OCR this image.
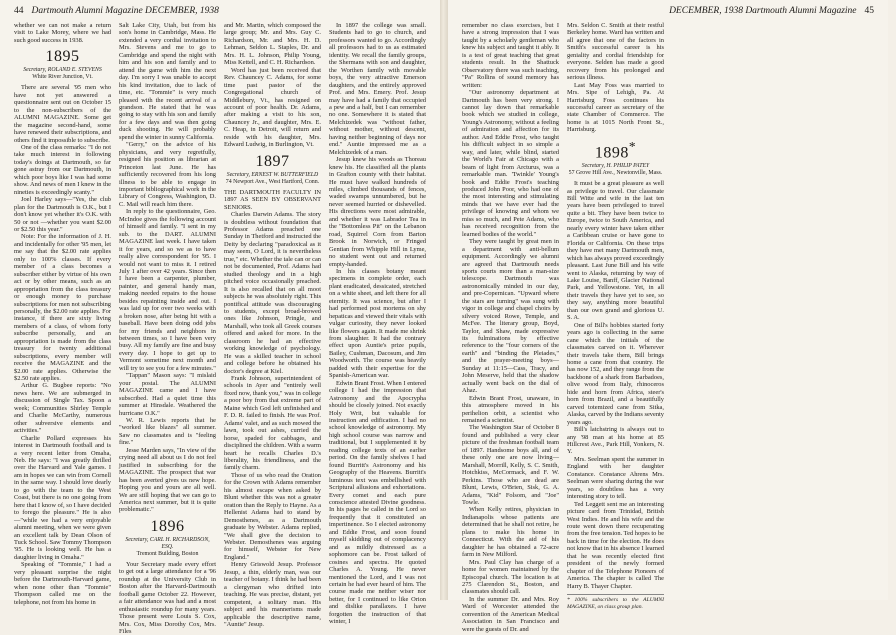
44 Dartmouth Alumni Magazine DECEMBER, 1938

whether we can not make a return visit to Lake Morey, where we had such good success in 1938.

1895
Secretary, ROLAND E. STEVENS
White River Junction, Vt.

There are several '95 men who have not yet answered a questionnaire sent out on October 15 to the non-subscribers of the ALUMNI MAGAZINE. Some get the magazine second-hand, some have renewed their subscriptions, and others find it impossible to subscribe.

One of the class remarks: "I do not take much interest in following today's doings at Dartmouth, so far gone astray from our Dartmouth, in which poor boys like I was had some show. And news of men I knew in the nineties is exceedingly scanty."

Joel Harley says—"Yes, the club plan for the Dartmouth is O.K., but I don't know yet whether it's O.K. with 50 or not —whether you want $2.00 or $2.50 this year."

Note: For the information of J. H. and incidentally for other '95 men, let me say that the $2.00 rate applies only to 100% classes. If every member of a class becomes a subscriber either by virtue of his own act or by other means, such as an appropriation from the class treasury or enough money to purchase subscriptions for men not subscribing personally, the $2.00 rate applies. For instance, if there are sixty living members of a class, of whom forty subscribe personally, and an appropriation is made from the class treasury for twenty additional subscriptions, every member will receive the MAGAZINE and the $2.00 rate applies. Otherwise the $2.50 rate applies.

Arthur G. Bugbee reports: "No news here. We are submerged in discussion of Single Tax. Spoon a week; Communities Shirley Temple and Charlie McCarthy, numerous other subversive elements and activities."

Charlie Pollard expresses his interest in Dartmouth football and is a very recent letter from Omaha, Neb. He says: "I was greatly thrilled over the Harvard and Yale games. I am in hopes we can win from Cornell in the same way. I should love dearly to go with the team to the West Coast, but there is no one going from here that I know of, so I have decided to forego the pleasure." He is also—"while we had a very enjoyable alumni meeting, when we were given an excellent talk by Dean Olson of Tuck School. Saw Tommy Thompson '95. He is looking well. He has a daughter living in Omaha."

Speaking of "Tommie," I had a very pleasant surprise the night before the Dartmouth-Harvard game, when none other than "Tommie" Thompson called me on the telephone, not from his home in

Salt Lake City, Utah, but from his son's home in Cambridge, Mass. He extended a very cordial invitation to Mrs. Stevens and me to go to Cambridge and spend the night with him and his son and family and to attend the game with him the next day. I'm sorry I was unable to accept his kind invitation, due to lack of time, etc. "Tommie" is very much pleased with the recent arrival of a grandson. He stated that he was going to stay with his son and family for a few days and was then going duck shooting. He will probably spend the winter in sunny California.

"Gerry," on the advice of his physicians, and very regretfully, resigned his position as librarian at Princeton last June. He has sufficiently recovered from his long illness to be able to engage in important bibliographical work in the Library of Congress, Washington, D. C. Mail will reach him there.

In reply to the questionnaire, Geo. McIndoe gives the following account of himself and family. "I sent in my sub. to the DART. ALUMNI MAGAZINE last week. I have taken it for years, and so we as to have really alive correspondent for '95. I would not want to miss it. I retired July 1 after over 42 years. Since then I have been a carpenter, plumber, painter, and general handy man, making needed repairs to the house besides repainting inside and out. I was laid up for over two weeks with a broken nose, after being hit with a baseball. Have been doing odd jobs for my friends and neighbors in between times, so I have been very busy. All my family are fine and busy every day. I hope to get up to Vermont sometime next month and will try to see you for a few minutes."

"Tappan" Mason says: "I mislaid your postal. The ALUMNI MAGAZINE came and I have subscribed. Had a quiet time this summer at Hinsdale. Weathered the hurricane O.K."

W. R. Lewis reports that he "worked like blazes" all summer. Saw no classmates and is "feeling fine."

Jesse Marden says, "In view of the crying need all about us I do not feel justified in subscribing for the MAGAZINE. The prospect that war has been averted gives us new hope. Hoping you and yours are all well. We are still hoping that we can go to America next summer, but it is quite problematic."

1896
Secretary, CARL H. RICHARDSON, ESQ.
Tremont Building, Boston

Your Secretary made every effort to get out a large attendance for a '96 roundup at the University Club in Boston after the Harvard-Dartmouth football game October 22. However, a fair attendance was had and a most enthusiastic roundup for many years. Those present were Louis S. Cox, Mrs. Cox, Miss Dorothy Cox, Mrs. Files

and Mr. Martin, which composed the large group; Mr. and Mrs. Guy C. Richardson, Mr. and Mrs. H. D. Lehman, Seldon L. Staples, Dr. and Mrs. H. L. Johnson, Philip Young, Miss Kettell, and C. H. Richardson.

Word has just been received that Rev. Chauncey C. Adams, for some time past pastor of the Congregational church of Middlebury, Vt., has resigned on account of poor health. Dr. Adams, after making a visit to his son, Chauncey Jr., and daughter, Mrs. E. C. Heap, in Detroit, will return and reside with his daughter, Mrs. Edward Ludwig, in Burlington, Vt.

1897
Secretary, ERNEST W. BUTTERFIELD
74 Newport Ave., West Hartford, Conn.

THE DARTMOUTH FACULTY IN 1897 AS SEEN BY OBSERVANT SENIORS.

Charles Darwin Adams. The story is doubtless without foundation that Professor Adams preached one Sunday in Thetford and instructed the Deity by declaring "paradoxical as it may seem, O Lord, it is nevertheless true," etc. Whether the tale can or can not be documented, Prof. Adams had studied theology and in a high pitched voice occasionally preached. It is also recalled that on all moot subjects he was absolutely right. This pontifical attitude was discouraging to students, except broad-browed ones like Johnson, Pringle, and Marshall, who took all Greek courses offered and asked for more. In the classroom he had an effective working knowledge of psychology. He was a skilled teacher in school and college before he obtained his doctor's degree at Kiel.

Frank Johnson, superintendent of schools in Ayer and "entirely well fixed now, thank you," was in college a poor boy from that extreme part of Maine which God left unfinished and F. D. R. failed to finish. He was Prof. Adams' valet, and as such mowed the lawn, took out ashes, curried the horse, spaded for cabbages, and disciplined the children. With a warm heart he recalls Charles D.'s liberality, his friendliness, and the family charm.

Those of us who read the Oration for the Crown with Adams remember his almost escape when asked by Blunt whether this was not a greater oration than the Reply to Hayne. As a Hellenist Adams had to stand by Demosthenes, as a Dartmouth graduate by Webster. Adams replied, "We shall give the decision to Webster. Demosthenes was arguing for himself, Webster for New England."

Henry Griswold Jesup. Professor Jesup, a thin, elderly man, was our teacher of botany. I think he had been a clergyman who drifted into teaching. He was precise, distant, yet competent, a solitary man. His subject and his mannerisms made applicable the descriptive name, "Auntie" Jesup.

In 1897 the college was small. Students had to go to church, and professors wanted to go. Accordingly all professors had to us as estimated identity. We recall the family groups, the Shermans with son and daughter, the Worthen family with movable boys, the very attractive Emerson daughters, and the entirely approved Prof. and Mrs. Emery. Prof. Jesup may have had a family that occupied a pew and a half, but I can remember no one. Somewhere it is stated that Melchizedek was "without father, without mother, without descent, having neither beginning of days nor end." Auntie impressed me as a Melchizedek of a man.

Jesup knew his woods as Thoreau knew his. He classified all the plants in Grafton county with their habitat. He must have walked hundreds of miles, climbed thousands of fences, waded swamps unnumbered, but he never seemed hurried or dishevelled. His directions were most admirable, and whether it was Labrador Tea in the "Bottomless Pit" on the Lebanon road, Squirrel Corn from Barton Brook in Norwich, or Fringed Gentian from Whipple Hill in Lyme, no student went out and returned empty-handed.

In his classes botany meant specimens in complete order, each plant eradicated, dessicated, stretched on a white sheet, and left there for all eternity. It was science, but after I had performed post mortems on shy hepaticas and viewed their vitals with vulgar curiosity, they never looked like flowers again. It made me shrink from slaughter. It had the contrary effect upon Auntie's prize pupils, Bailey, Cushman, Dacosum, and Jim Woodworth. The course was heavily padded with their expertise for the Spanish-American war.

Edwin Brant Frost. When I entered college I had the impression that Astronomy and the Apocrypha should be closely joined. Not exactly Holy Writ, but valuable for instruction and edification. I had no school knowledge of astronomy. My high school course was narrow and traditional, but I supplemented it by reading college texts of an earlier period. On the family shelves I had found Burritt's Astronomy and his Geography of the Heavens. Burritt's luminous text was embellished with Scriptural allusions and exhortations. Every comet and each pure conscience attested Divine goodness. In his pages he called in the Lord so frequently that it constituted an impertinence. So I elected astronomy and Eddie Frost, and soon found myself skidding out of complacency and as mildly distressed as a sophomore can be. Frost talked of cosines and spectra. He quoted Charles A. Young. He never mentioned the Lord, and I was not certain he had ever heard of him. The course made me neither wiser nor better, for I continued to like Orion and dislike parallaxes. I have forgotten the instruction of that winter, I

45
DECEMBER, 1938 Dartmouth Alumni Magazine

remember no class exercises, but I have a strong impression that I was taught by a scholarly gentleman who knew his subject and taught it ably. It is a test of great teaching that great students result. In the Shattuck Observatory there was such teaching, "Pa" Rollins of sound memory has written:

"Our astronomy department at Dartmouth has been very strong. I cannot lay down that remarkable book which we studied in college, Young's Astronomy, without a feeling of admiration and affection for its author. And Eddie Frost, who taught his difficult subject in so simple a way, and later, while blind, started the World's Fair at Chicago with a beam of light from Arcturus, was a remarkable man. 'Twinkle' Young's book and Eddie Frost's teaching produced John Poor, who had one of the most interesting and stimulating minds that we have ever had the privilege of knowing and whom we miss so much, and Pete Adams, who has received recognition from the learned bodies of the world."

They were taught by great men in a department with anti-bellum equipment. Accordingly we alumni are agreed that Dartmouth needs sports courts more than a man-size telescope. Dartmouth was astronomically minded in our day, and pre-Copernican. "Upward where the stars are turning" was sung with vigor in college and chapel choirs by silvery voiced Rowe, Temple, and McFee. The literary group, Boyd, Taylor, and Shaw, made expressive its fulminations by effective reference to the "four corners of the earth" and "binding the Pleiades," and the prayer-meeting boys—Sunday at 11:15—Cass, Tracy, and John Meserve, held that the shadow actually went back on the dial of Ahaz.

Edwin Brant Frost, unaware, in this atmosphere moved in his perihelion orbit, a scientist who remained a scientist.

The Washington Star of October 8 found and published a very clear picture of the freshman football team of 1897. Handsome boys all, and of these only one are now living—Marshall, Morrill, Kelly, S. C. Smith, Hotchkiss, McCormack, and F. W. Perkins. Those who are dead are Blunt, Lewis, O'Brien, Sisk, G. A. Adams, "Kid" Folsom, and "Joe" Towle.

When Kelly retires, physician in Indianapolis whose patients are determined that he shall not retire, he plans to make his home in Connecticut. With the aid of his daughter he has obtained a 72-acre farm in New Milford.

Mrs. Paul Clay has charge of a home for women maintained by the Episcopal church. The location is at 275 Clarendon St., Boston, and classmates should call.

In the summer Dr. and Mrs. Roy Ward of Worcester attended the convention of the American Medical Association in San Francisco and were the guests of Dr. and

Mrs. Seldon C. Smith at their restful Berkeley home. Ward has written and all agree that one of the factors in Smith's successful career is his geniality and cordial friendship for everyone. Selden has made a good recovery from his prolonged and serious illness.

Last May Foss was married to Mrs. Sipe of Lehigh, Pa. At Harrisburg Foss continues his successful career as secretary of the state Chamber of Commerce. The home is at 1015 North Front St., Harrisburg.

1898*
Secretary, H. PHILIP PATEY
57 Grove Hill Ave., Newtonville, Mass.

It must be a great pleasure as well as privilege to travel. Our classmate Bill Witte and wife in the last ten years have been privileged to travel quite a bit. They have been twice to Europe, twice to South America, and nearly every winter have taken either a Caribbean cruise or have gone to Florida or California. On these trips they have met many Dartmouth men, which has always proved exceedingly pleasant. Last June Bill and his wife went to Alaska, returning by way of Lake Louise, Banff, Glacier National Park, and Yellowstone. Yet, in all their travels they have yet to see, so they say, anything more beautiful than our own grand and glorious U. S. A.

One of Bill's hobbies started forty years ago is collecting in the same cane which the initials of the classmates carved on it. Wherever their travels take them, Bill brings home a cane from that country. He has now 152, and they range from the backbone of a shark from Barbadoes, olive wood from Italy, rhinoceros hide and horn from Africa, steer's horn from Brazil, and a beautifully carved totemized cane from Sitka, Alaska, carved by the Indians seventy years ago.

Bill's latchstring is always out to any '98 man at his home at 85 Hillcrest Ave., Park Hill, Yonkers, N. Y.

Mrs. Seelman spent the summer in England with her daughter Constance. Constance Ahrens Mrs. Seelman were sharing during the war years, so doubtless has a very interesting story to tell.

Ted Leggett sent me an interesting picture card from Trinidad, British West Indies. He and his wife and the route went down there recuperating from the free tension. Ted hopes to be back in time for the election. He does not know that in his absence I learned that he was recently elected first president of the newly formed chapter of the Telephone Pioneers of America. The chapter is called The Harry B. Thayer Chapter.

* 100% subscribers to the ALUMNI MAGAZINE, on class group plan.
